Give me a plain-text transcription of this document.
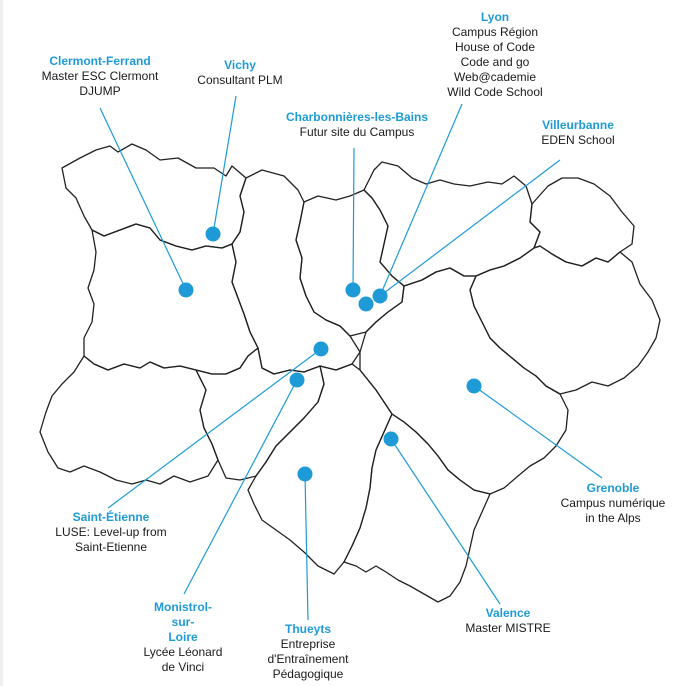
Clermont-Ferrand
Master ESC Clermont
DJUMP
Vichy
Consultant PLM
Lyon
Campus Région
House of Code
Code and go
Web@cademie
Wild Code School
Charbonnières-les-Bains
Futur site du Campus	Villeurbanne
EDEN School
Grenoble
Campus numérique
in the Alps
Saint-Étienne
LUSE: Level-up from
Saint-Etienne
Monistrol-
sur-
Loire
Lycée Léonard
de Vinci
Thueyts
Entreprise
d'Entraînement
Pédagogique
Valence
Master MISTRE
